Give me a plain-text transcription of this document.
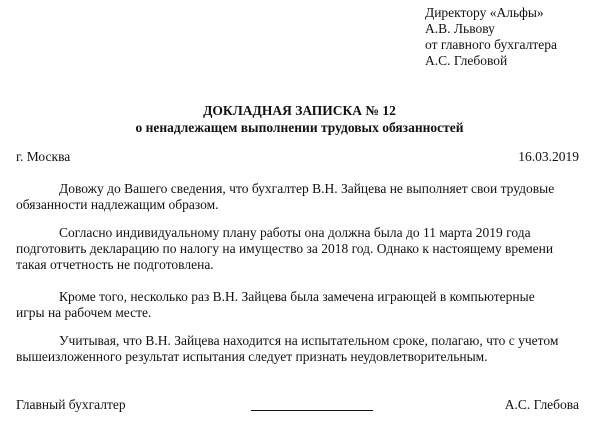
Директору «Альфы»
А.В. Львову
от главного бухгалтера
А.С. Глебовой
ДОКЛАДНАЯ ЗАПИСКА № 12
о ненадлежащем выполнении трудовых обязанностей
г. Москва	16.03.2019
Довожу до Вашего сведения, что бухгалтер В.Н. Зайцева не выполняет свои трудовые
обязанности надлежащим образом.
Согласно индивидуальному плану работы она должна была до 11 марта 2019 года
подготовить декларацию по налогу на имущество за 2018 год. Однако к настоящему времени
такая отчетность не подготовлена.
Кроме того, несколько раз В.Н. Зайцева была замечена играющей в компьютерные
игры на рабочем месте.
Учитывая, что В.Н. Зайцева находится на испытательном сроке, полагаю, что с учетом
вышеизложенного результат испытания следует признать неудовлетворительным.
Главный бухгалтер	А.С. Глебова
